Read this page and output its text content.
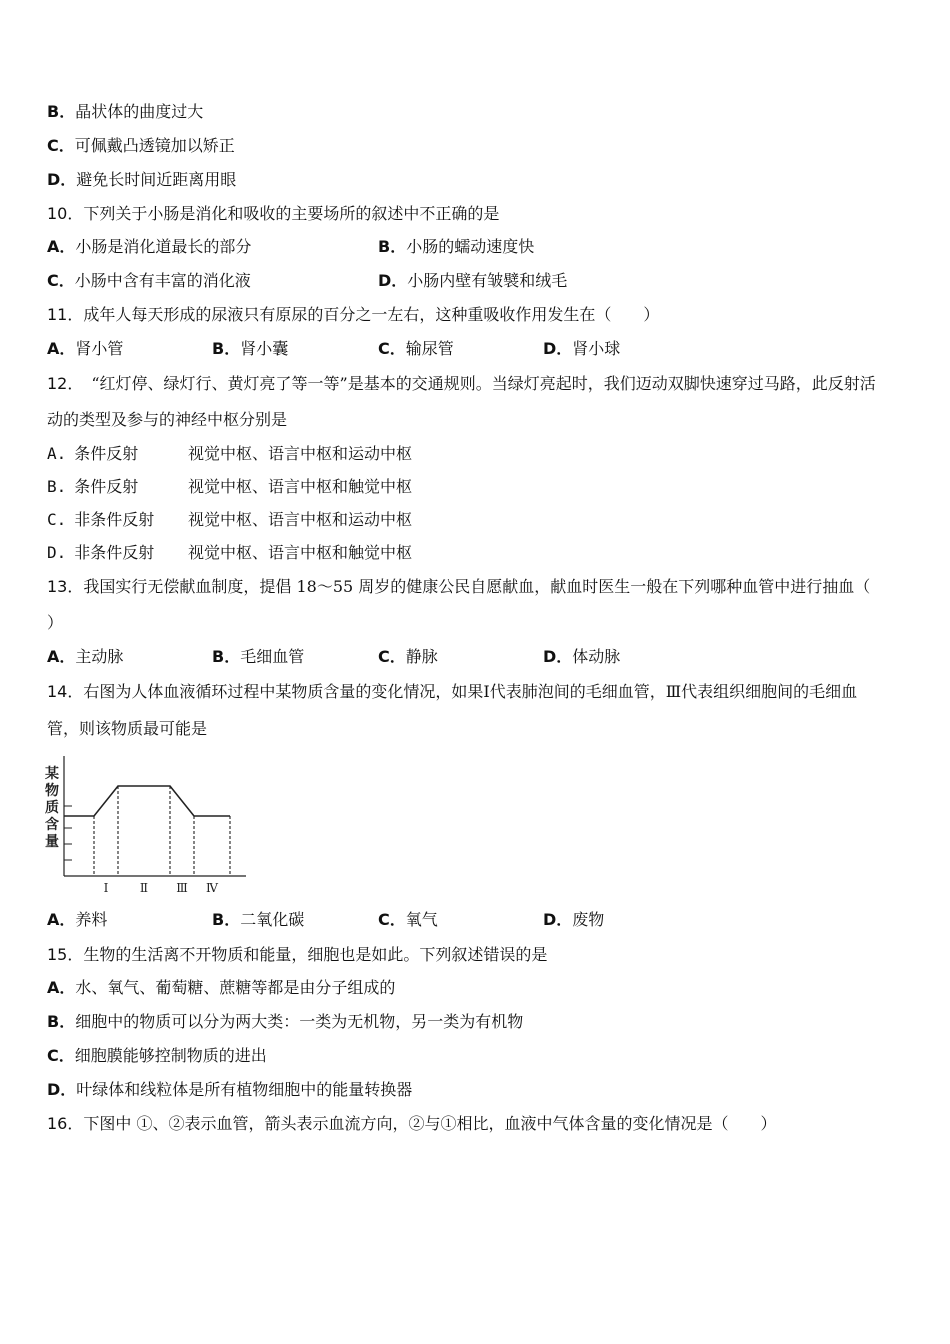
B．晶状体的曲度过大
C．可佩戴凸透镜加以矫正
D．避免长时间近距离用眼
10．下列关于小肠是消化和吸收的主要场所的叙述中不正确的是
A．小肠是消化道最长的部分	B．小肠的蠕动速度快
C．小肠中含有丰富的消化液	D．小肠内壁有皱襞和绒毛
11．成年人每天形成的尿液只有原尿的百分之一左右，这种重吸收作用发生在（　　）
A．肾小管	B．肾小囊	C．输尿管	D．肾小球
12．　“红灯停、绿灯行、黄灯亮了等一等”是基本的交通规则。当绿灯亮起时，我们迈动双脚快速穿过马路，此反射活
动的类型及参与的神经中枢分别是
A. 条件反射	视觉中枢、语言中枢和运动中枢
B. 条件反射	视觉中枢、语言中枢和触觉中枢
C. 非条件反射 视觉中枢、语言中枢和运动中枢
D. 非条件反射 视觉中枢、语言中枢和触觉中枢
13．我国实行无偿献血制度，提倡 18～55 周岁的健康公民自愿献血，献血时医生一般在下列哪种血管中进行抽血（
）
A．主动脉	B．毛细血管	C．静脉	D．体动脉
14．右图为人体血液循环过程中某物质含量的变化情况，如果Ⅰ代表肺泡间的毛细血管，Ⅲ代表组织细胞间的毛细血
管，则该物质最可能是
某
物
质
含
量
Ⅰ	Ⅱ Ⅲ Ⅳ
A．养料	B．二氧化碳	C．氧气	D．废物
15．生物的生活离不开物质和能量，细胞也是如此。下列叙述错误的是
A．水、氧气、葡萄糖、蔗糖等都是由分子组成的
B．细胞中的物质可以分为两大类：一类为无机物，另一类为有机物
C．细胞膜能够控制物质的进出
D．叶绿体和线粒体是所有植物细胞中的能量转换器
16．下图中 ①、②表示血管，箭头表示血流方向，②与①相比，血液中气体含量的变化情况是（　　）
